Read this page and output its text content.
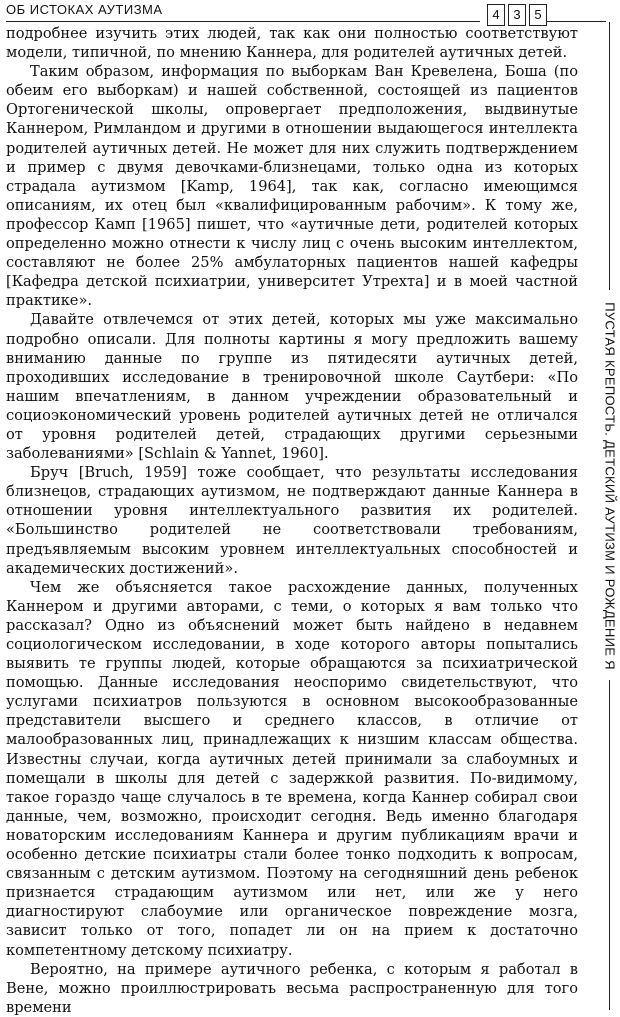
ОБ ИСТОКАХ АУТИЗМА	4	3	5
ПУСТАЯ КРЕПОСТЬ. ДЕТСКИЙ АУТИЗМ И РОЖДЕНИЕ Я

подробнее изучить этих людей, так как они полностью соответствуют модели, типичной, по мнению Каннера, для родителей аутичных детей.

Таким образом, информация по выборкам Ван Кревелена, Боша (по обеим его выборкам) и нашей собственной, состоящей из пациентов Ортогенической школы, опровергает предположения, выдвинутые Каннером, Римландом и другими в отношении выдающегося интеллекта родителей аутичных детей. Не может для них служить подтверждением и пример с двумя девочками-близнецами, только одна из которых страдала аутизмом [Kamp, 1964], так как, согласно имеющимся описаниям, их отец был «квалифицированным рабочим». К тому же, профессор Камп [1965] пишет, что «аутичные дети, родителей которых определенно можно отнести к числу лиц с очень высоким интеллектом, составляют не более 25% амбулаторных пациентов нашей кафедры [Кафедра детской психиатрии, университет Утрехта] и в моей частной практике».

Давайте отвлечемся от этих детей, которых мы уже максимально подробно описали. Для полноты картины я могу предложить вашему вниманию данные по группе из пятидесяти аутичных детей, проходивших исследование в тренировочной школе Саутбери: «По нашим впечатлениям, в данном учреждении образовательный и социоэкономический уровень родителей аутичных детей не отличался от уровня родителей детей, страдающих другими серьезными заболеваниями» [Schlain & Yannet, 1960].

Бруч [Bruch, 1959] тоже сообщает, что результаты исследования близнецов, страдающих аутизмом, не подтверждают данные Каннера в отношении уровня интеллектуального развития их родителей. «Большинство родителей не соответствовали требованиям, предъявляемым высоким уровнем интеллектуальных способностей и академических достижений».

Чем же объясняется такое расхождение данных, полученных Каннером и другими авторами, с теми, о которых я вам только что рассказал? Одно из объяснений может быть найдено в недавнем социологическом исследовании, в ходе которого авторы попытались выявить те группы людей, которые обращаются за психиатрической помощью. Данные исследования неоспоримо свидетельствуют, что услугами психиатров пользуются в основном высокообразованные представители высшего и среднего классов, в отличие от малообразованных лиц, принадлежащих к низшим классам общества. Известны случаи, когда аутичных детей принимали за слабоумных и помещали в школы для детей с задержкой развития. По-видимому, такое гораздо чаще случалось в те времена, когда Каннер собирал свои данные, чем, возможно, происходит сегодня. Ведь именно благодаря новаторским исследованиям Каннера и другим публикациям врачи и особенно детские психиатры стали более тонко подходить к вопросам, связанным с детским аутизмом. Поэтому на сегодняшний день ребенок признается страдающим аутизмом или нет, или же у него диагностируют слабоумие или органическое повреждение мозга, зависит только от того, попадет ли он на прием к достаточно компетентному детскому психиатру.

Вероятно, на примере аутичного ребенка, с которым я работал в Вене, можно проиллюстрировать весьма распространенную для того времени
